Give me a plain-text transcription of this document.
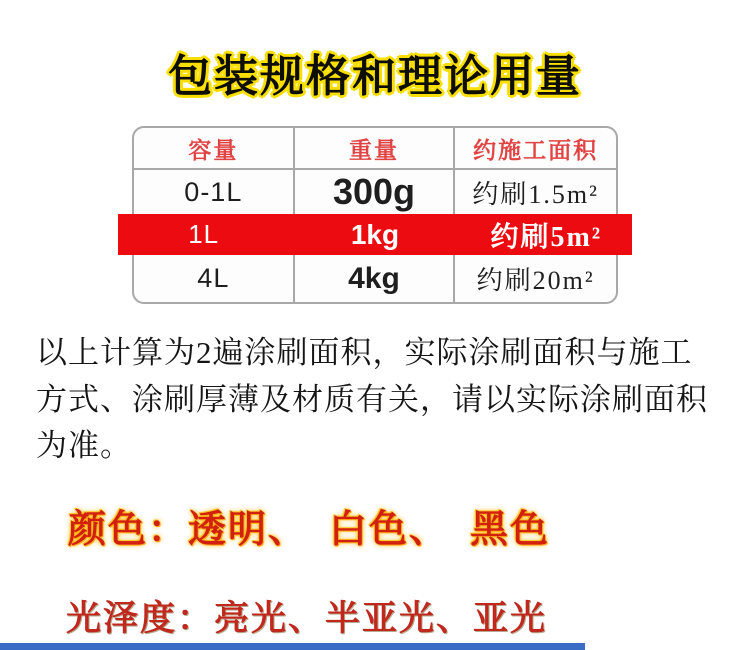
包装规格和理论用量
容量	重量	约施工面积
0-1L	300g	约刷1.5m²
1L	1kg	约刷5m²
4L	4kg	约刷20m²

以上计算为2遍涂刷面积，实际涂刷面积与施工方式、涂刷厚薄及材质有关，请以实际涂刷面积为准。

颜色：透明、　白色、　黑色
光泽度：亮光、半亚光、亚光
